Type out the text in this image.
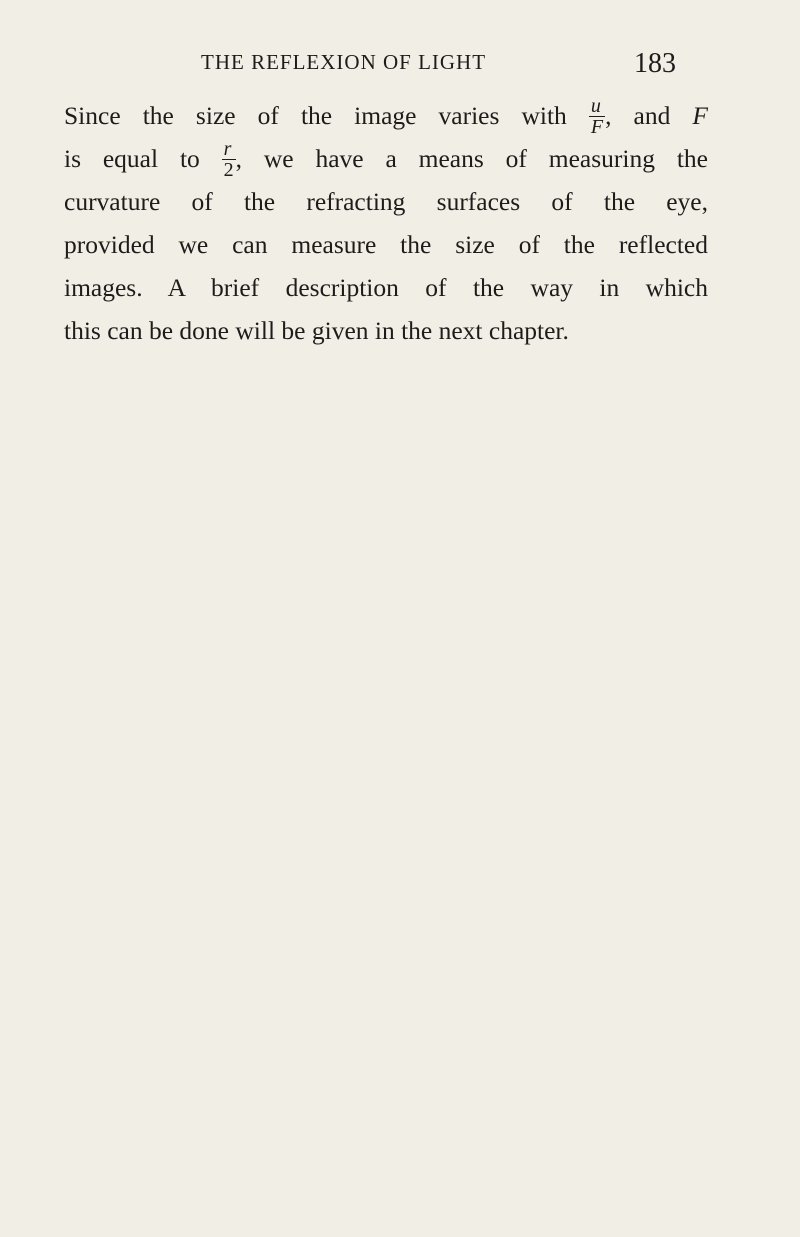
THE REFLEXION OF LIGHT	183
Since the size of the image varies with $\frac{u}{F}$ , and F
is equal to $\frac{r}{2}$ , we have a means of measuring the
curvature of the refracting surfaces of the eye,
provided we can measure the size of the reflected
images. A brief description of the way in which
this can be done will be given in the next chapter.
